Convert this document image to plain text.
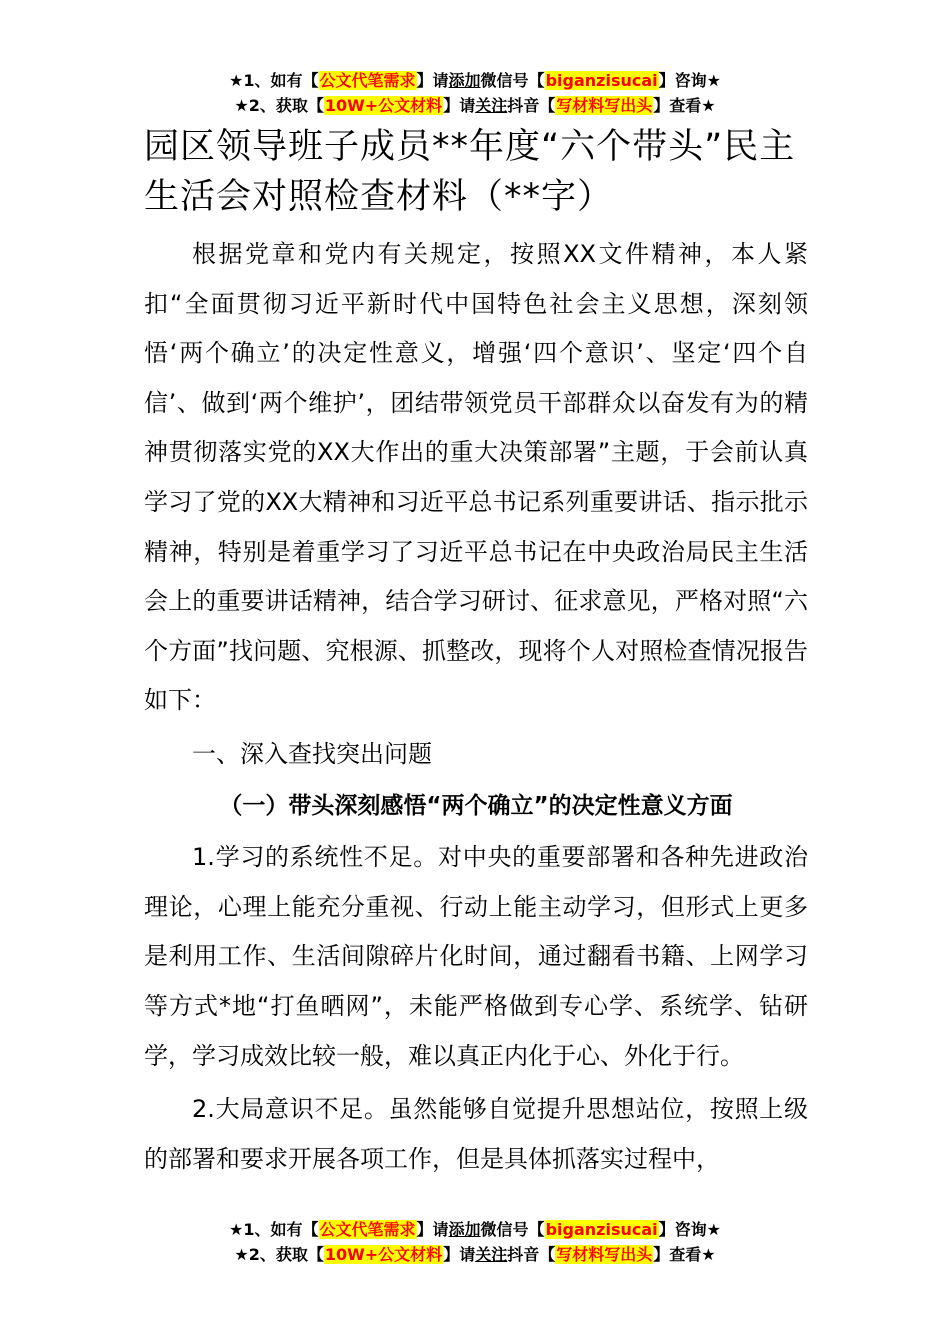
★1、如有【公文代笔需求】请添加微信号【biganzisucai】咨询★
★2、获取【10W+公文材料】请关注抖音【写材料写出头】查看★
园区领导班子成员**年度“六个带头”民主生活会对照检查材料（**字）

根据党章和党内有关规定，按照XX文件精神，本人紧扣“全面贯彻习近平新时代中国特色社会主义思想，深刻领悟‘两个确立’的决定性意义，增强‘四个意识’、坚定‘四个自信’、做到‘两个维护’，团结带领党员干部群众以奋发有为的精神贯彻落实党的XX大作出的重大决策部署”主题，于会前认真学习了党的XX大精神和习近平总书记系列重要讲话、指示批示精神，特别是着重学习了习近平总书记在中央政治局民主生活会上的重要讲话精神，结合学习研讨、征求意见，严格对照“六个方面”找问题、究根源、抓整改，现将个人对照检查情况报告如下：

一、深入查找突出问题

（一）带头深刻感悟“两个确立”的决定性意义方面

1.学习的系统性不足。对中央的重要部署和各种先进政治理论，心理上能充分重视、行动上能主动学习，但形式上更多是利用工作、生活间隙碎片化时间，通过翻看书籍、上网学习等方式*地“打鱼晒网”，未能严格做到专心学、系统学、钻研学，学习成效比较一般，难以真正内化于心、外化于行。

2.大局意识不足。虽然能够自觉提升思想站位，按照上级的部署和要求开展各项工作，但是具体抓落实过程中，

★1、如有【公文代笔需求】请添加微信号【biganzisucai】咨询★
★2、获取【10W+公文材料】请关注抖音【写材料写出头】查看★
